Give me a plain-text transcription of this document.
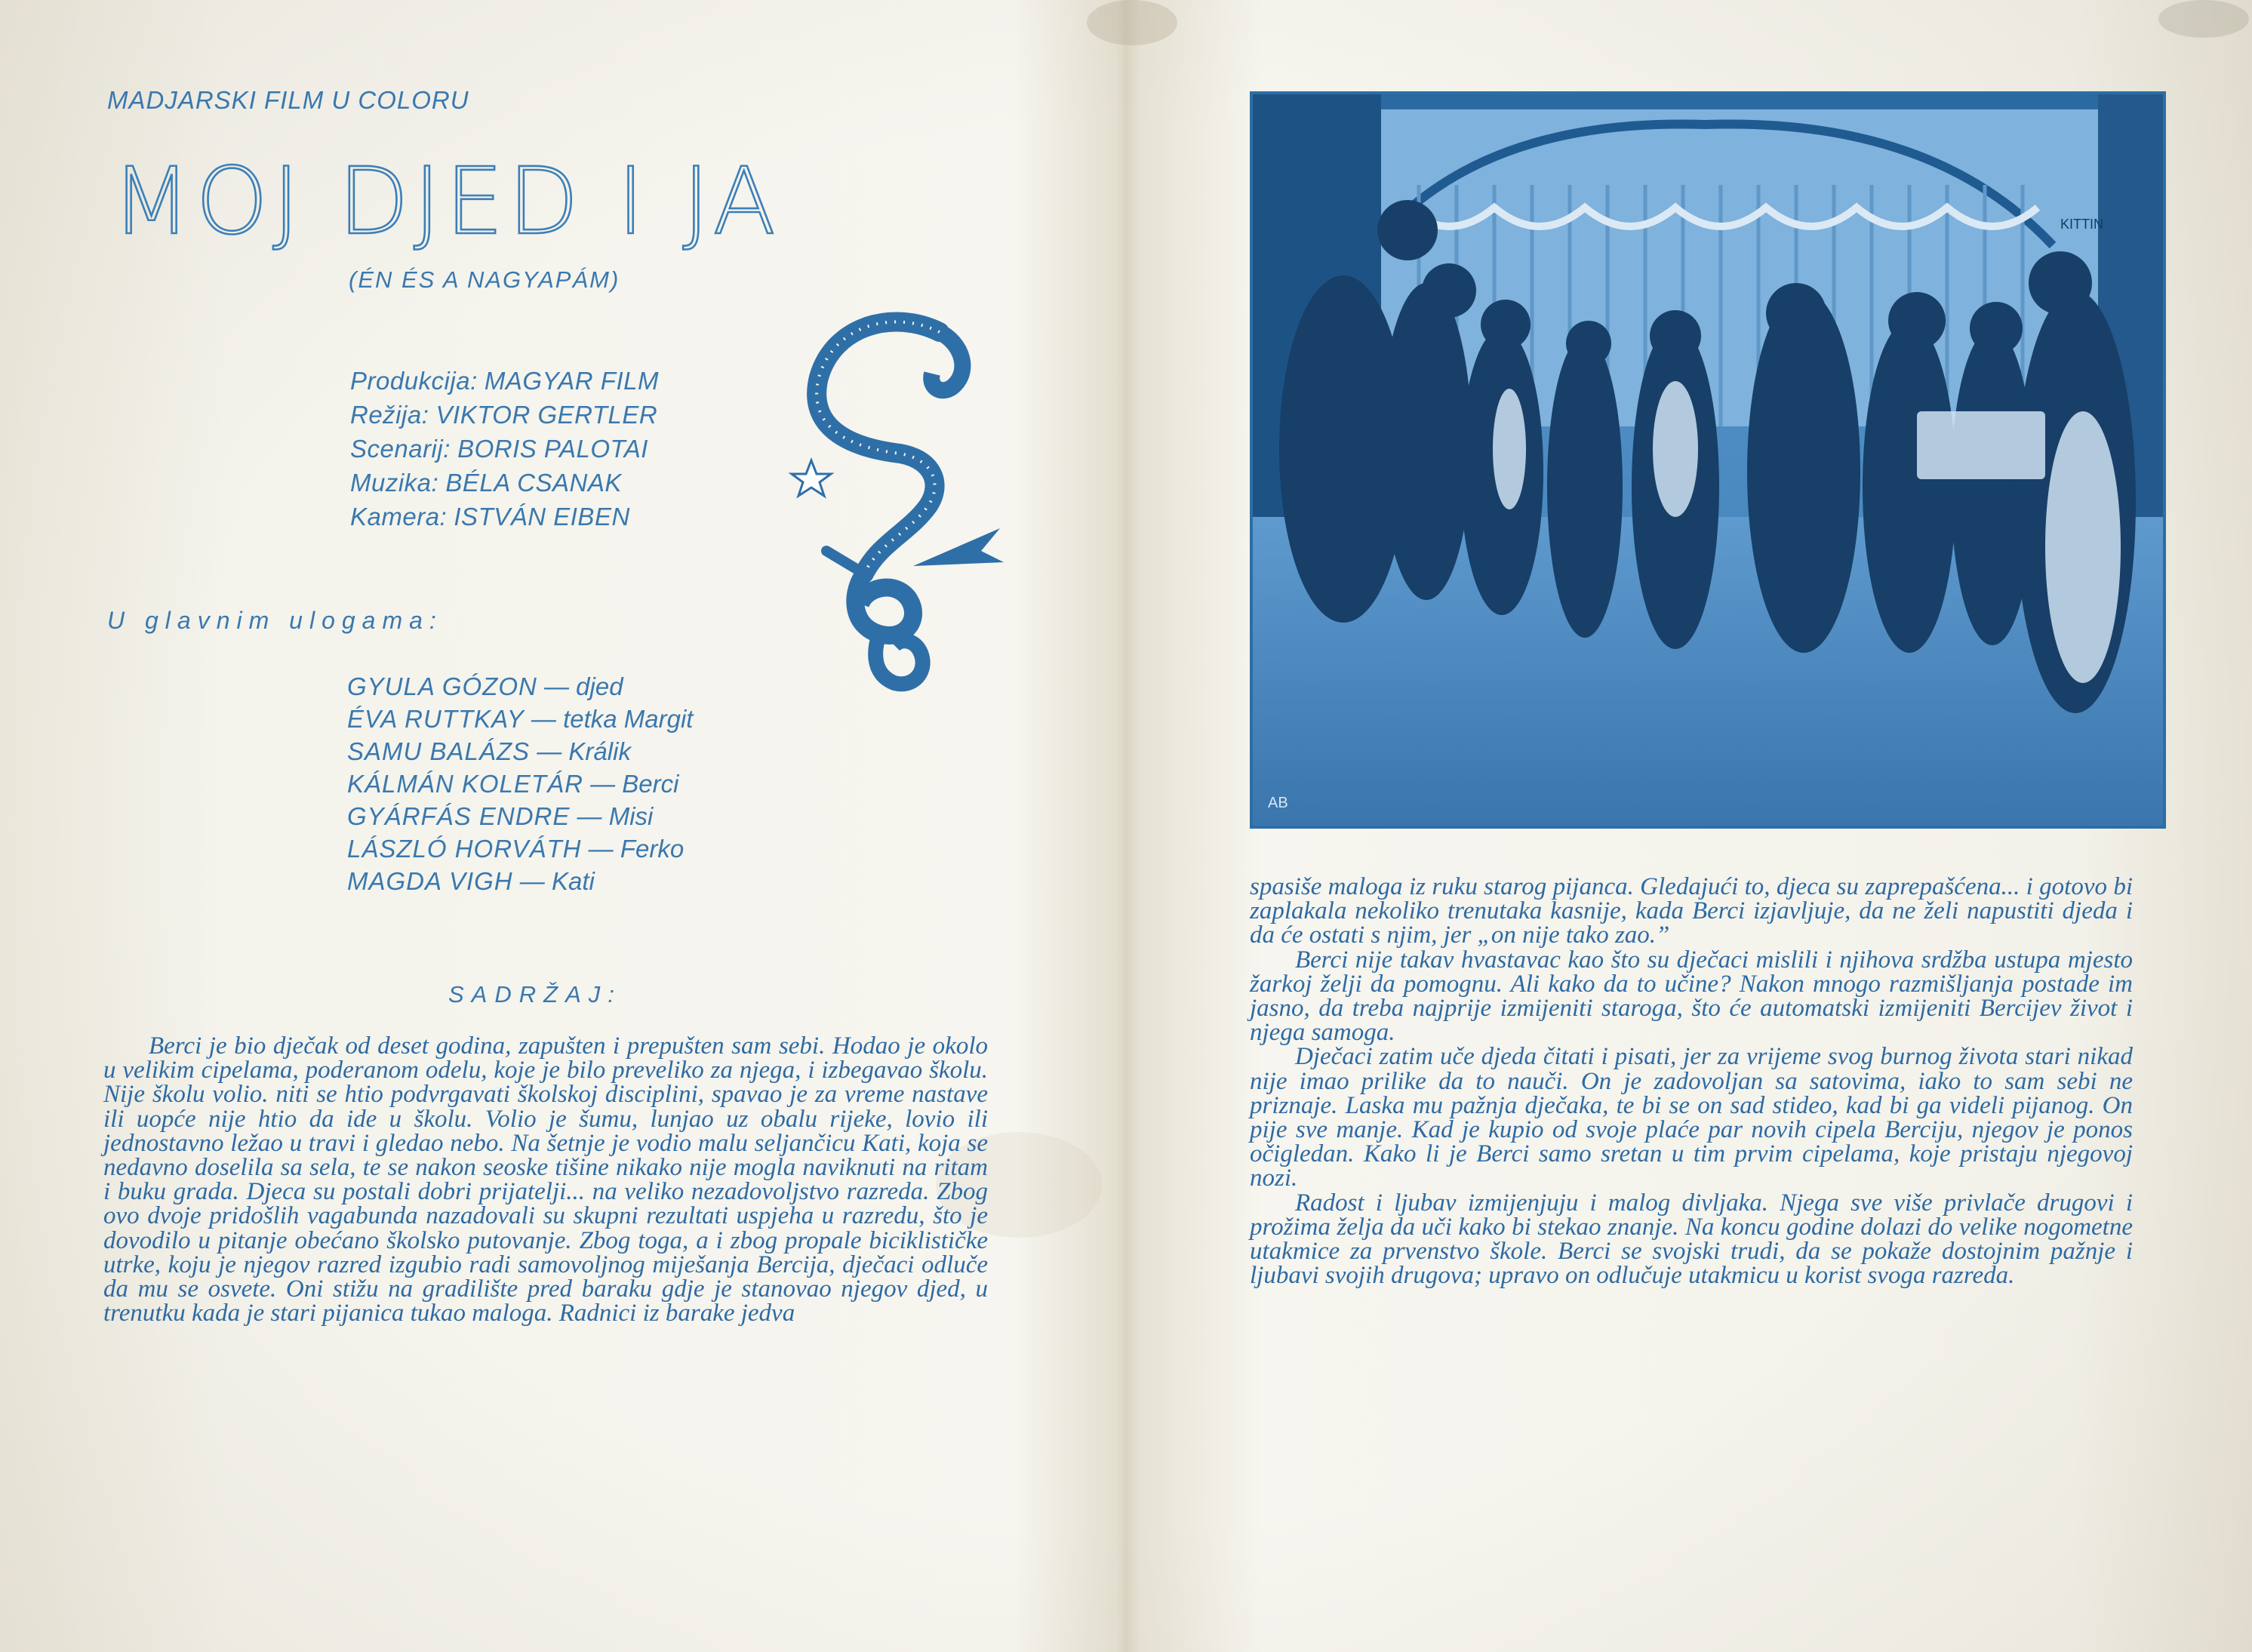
MADJARSKI FILM U COLORU
MOJ DJED I JA
(ÉN ÉS A NAGYAPÁM)
Produkcija: MAGYAR FILM
Režija: VIKTOR GERTLER
Scenarij: BORIS PALOTAI
Muzika: BÉLA CSANAK
Kamera: ISTVÁN EIBEN
U glavnim ulogama:
GYULA GÓZON — djed
ÉVA RUTTKAY — tetka Margit
SAMU BALÁZS — Králik
KÁLMÁN KOLETÁR — Berci
GYÁRFÁS ENDRE — Misi
LÁSZLÓ HORVÁTH — Ferko
MAGDA VIGH — Kati
SADRŽAJ:

Berci je bio dječak od deset godina, zapušten i prepušten sam sebi. Hodao je okolo u velikim cipelama, poderanom odelu, koje je bilo preveliko za njega, i izbegavao školu. Nije školu volio. niti se htio podvrgavati školskoj disciplini, spavao je za vreme nastave ili uopće nije htio da ide u školu. Volio je šumu, lunjao uz obalu rijeke, lovio ili jednostavno ležao u travi i gledao nebo. Na šetnje je vodio malu seljančicu Kati, koja se nedavno doselila sa sela, te se nakon seoske tišine nikako nije mogla naviknuti na ritam i buku grada. Djeca su postali dobri prijatelji... na veliko nezadovoljstvo razreda. Zbog ovo dvoje pridošlih vagabunda nazadovali su skupni rezultati uspjeha u razredu, što je dovodilo u pitanje obećano školsko putovanje. Zbog toga, a i zbog propale biciklističke utrke, koju je njegov razred izgubio radi samovoljnog miješanja Bercija, dječaci odluče da mu se osvete. Oni stižu na gradilište pred baraku gdje je stanovao njegov djed, u trenutku kada je stari pijanica tukao maloga. Radnici iz barake jedva

KITTIN
AB

spasiše maloga iz ruku starog pijanca. Gledajući to, djeca su zaprepašćena... i gotovo bi zaplakala nekoliko trenutaka kasnije, kada Berci izjavljuje, da ne želi napustiti djeda i da će ostati s njim, jer „on nije tako zao.”

Berci nije takav hvastavac kao što su dječaci mislili i njihova srdžba ustupa mjesto žarkoj želji da pomognu. Ali kako da to učine? Nakon mnogo razmišljanja postade im jasno, da treba najprije izmijeniti staroga, što će automatski izmijeniti Bercijev život i njega samoga.

Dječaci zatim uče djeda čitati i pisati, jer za vrijeme svog burnog života stari nikad nije imao prilike da to nauči. On je zadovoljan sa satovima, iako to sam sebi ne priznaje. Laska mu pažnja dječaka, te bi se on sad stideo, kad bi ga videli pijanog. On pije sve manje. Kad je kupio od svoje plaće par novih cipela Berciju, njegov je ponos očigledan. Kako li je Berci samo sretan u tim prvim cipelama, koje pristaju njegovoj nozi.

Radost i ljubav izmijenjuju i malog divljaka. Njega sve više privlače drugovi i prožima želja da uči kako bi stekao znanje. Na koncu godine dolazi do velike nogometne utakmice za prvenstvo škole. Berci se svojski trudi, da se pokaže dostojnim pažnje i ljubavi svojih drugova; upravo on odlučuje utakmicu u korist svoga razreda.
